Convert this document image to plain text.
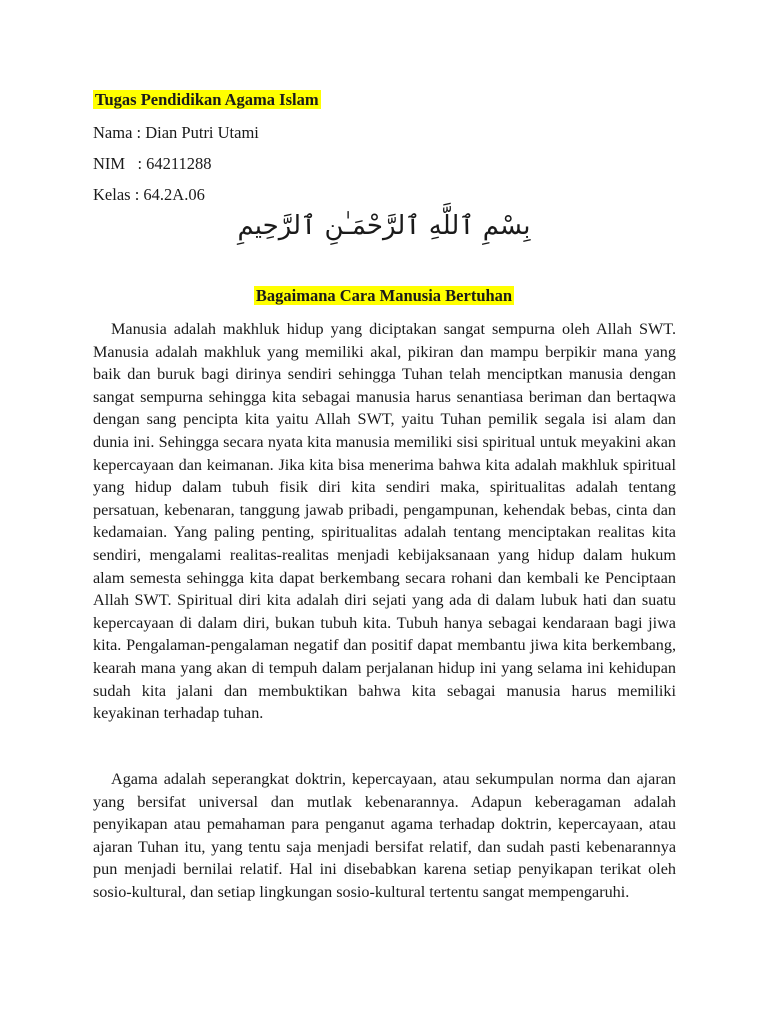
Tugas Pendidikan Agama Islam
Nama : Dian Putri Utami
NIM   : 64211288
Kelas : 64.2A.06
بِسْمِ ٱللَّهِ ٱلرَّحْمَـٰنِ ٱلرَّحِيمِ
Bagaimana Cara Manusia Bertuhan

Manusia adalah makhluk hidup yang diciptakan sangat sempurna oleh Allah SWT. Manusia adalah makhluk yang memiliki akal, pikiran dan mampu berpikir mana yang baik dan buruk bagi dirinya sendiri sehingga Tuhan telah menciptkan manusia dengan sangat sempurna sehingga kita sebagai manusia harus senantiasa beriman dan bertaqwa dengan sang pencipta kita yaitu Allah SWT, yaitu Tuhan pemilik segala isi alam dan dunia ini. Sehingga secara nyata kita manusia memiliki sisi spiritual untuk meyakini akan kepercayaan dan keimanan. Jika kita bisa menerima bahwa kita adalah makhluk spiritual yang hidup dalam tubuh fisik diri kita sendiri maka, spiritualitas adalah tentang persatuan, kebenaran, tanggung jawab pribadi, pengampunan, kehendak bebas, cinta dan kedamaian. Yang paling penting, spiritualitas adalah tentang menciptakan realitas kita sendiri, mengalami realitas-realitas menjadi kebijaksanaan yang hidup dalam hukum alam semesta sehingga kita dapat berkembang secara rohani dan kembali ke Penciptaan Allah SWT. Spiritual diri kita adalah diri sejati yang ada di dalam lubuk hati dan suatu kepercayaan di dalam diri, bukan tubuh kita. Tubuh hanya sebagai kendaraan bagi jiwa kita. Pengalaman-pengalaman negatif dan positif dapat membantu jiwa kita berkembang, kearah mana yang akan di tempuh dalam perjalanan hidup ini yang selama ini kehidupan sudah kita jalani dan membuktikan bahwa kita sebagai manusia harus memiliki keyakinan terhadap tuhan.

Agama adalah seperangkat doktrin, kepercayaan, atau sekumpulan norma dan ajaran yang bersifat universal dan mutlak kebenarannya. Adapun keberagaman adalah penyikapan atau pemahaman para penganut agama terhadap doktrin, kepercayaan, atau ajaran Tuhan itu, yang tentu saja menjadi bersifat relatif, dan sudah pasti kebenarannya pun menjadi bernilai relatif. Hal ini disebabkan karena setiap penyikapan terikat oleh sosio-kultural, dan setiap lingkungan sosio-kultural tertentu sangat mempengaruhi.
